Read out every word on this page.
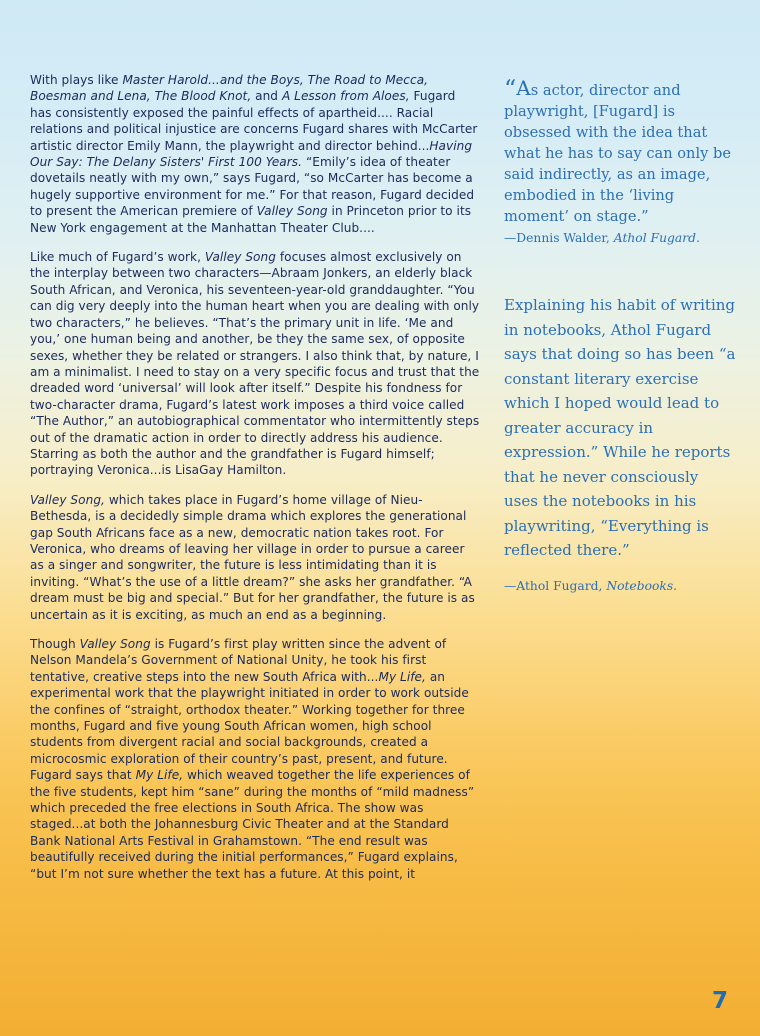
With plays like Master Harold...and the Boys, The Road to Mecca, Boesman and Lena, The Blood Knot, and A Lesson from Aloes, Fugard has consistently exposed the painful effects of apartheid.... Racial relations and political injustice are concerns Fugard shares with McCarter artistic director Emily Mann, the playwright and director behind...Having Our Say: The Delany Sisters' First 100 Years. “Emily’s idea of theater dovetails neatly with my own,” says Fugard, “so McCarter has become a hugely supportive environment for me.” For that reason, Fugard decided to present the American premiere of Valley Song in Princeton prior to its New York engagement at the Manhattan Theater Club....

Like much of Fugard’s work, Valley Song focuses almost exclusively on the interplay between two characters—Abraam Jonkers, an elderly black South African, and Veronica, his seventeen-year-old granddaughter. “You can dig very deeply into the human heart when you are dealing with only two characters,” he believes. “That’s the primary unit in life. ‘Me and you,’ one human being and another, be they the same sex, of opposite sexes, whether they be related or strangers. I also think that, by nature, I am a minimalist. I need to stay on a very specific focus and trust that the dreaded word ‘universal’ will look after itself.” Despite his fondness for two-character drama, Fugard’s latest work imposes a third voice called “The Author,” an autobiographical commentator who intermittently steps out of the dramatic action in order to directly address his audience. Starring as both the author and the grandfather is Fugard himself; portraying Veronica...is LisaGay Hamilton.

Valley Song, which takes place in Fugard’s home village of Nieu-Bethesda, is a decidedly simple drama which explores the generational gap South Africans face as a new, democratic nation takes root. For Veronica, who dreams of leaving her village in order to pursue a career as a singer and songwriter, the future is less intimidating than it is inviting. “What’s the use of a little dream?” she asks her grandfather. “A dream must be big and special.” But for her grandfather, the future is as uncertain as it is exciting, as much an end as a beginning.

Though Valley Song is Fugard’s first play written since the advent of Nelson Mandela’s Government of National Unity, he took his first tentative, creative steps into the new South Africa with...My Life, an experimental work that the playwright initiated in order to work outside the confines of “straight, orthodox theater.” Working together for three months, Fugard and five young South African women, high school students from divergent racial and social backgrounds, created a microcosmic exploration of their country’s past, present, and future. Fugard says that My Life, which weaved together the life experiences of the five students, kept him “sane” during the months of “mild madness” which preceded the free elections in South Africa. The show was staged...at both the Johannesburg Civic Theater and at the Standard Bank National Arts Festival in Grahamstown. “The end result was beautifully received during the initial performances,” Fugard explains, “but I’m not sure whether the text has a future. At this point, it

“As actor, director and playwright, [Fugard] is obsessed with the idea that what he has to say can only be said indirectly, as an image, embodied in the ‘living moment’ on stage.”

—Dennis Walder, Athol Fugard.

Explaining his habit of writing in notebooks, Athol Fugard says that doing so has been “a constant literary exercise which I hoped would lead to greater accuracy in expression.” While he reports that he never consciously uses the notebooks in his playwriting, “Everything is reflected there.”

—Athol Fugard, Notebooks.

7
